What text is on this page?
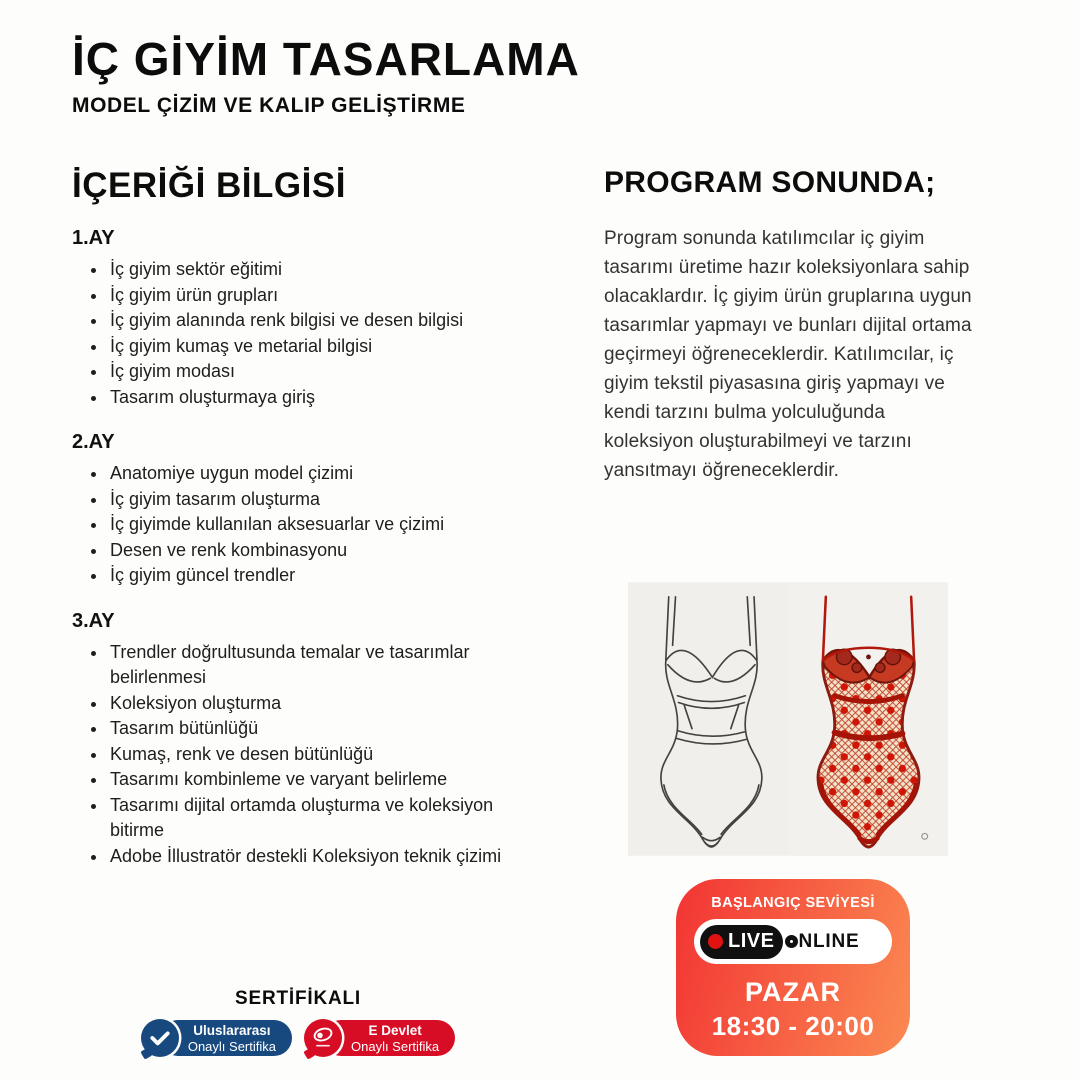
İÇ GİYİM TASARLAMA
MODEL ÇİZİM VE KALIP GELİŞTİRME
İÇERİĞİ BİLGİSİ
1.AY
• İç giyim sektör eğitimi
• İç giyim ürün grupları
• İç giyim alanında renk bilgisi ve desen bilgisi
• İç giyim kumaş ve metarial bilgisi
• İç giyim modası
• Tasarım oluşturmaya giriş
2.AY
• Anatomiye uygun model çizimi
• İç giyim tasarım oluşturma
• İç giyimde kullanılan aksesuarlar ve çizimi
• Desen ve renk kombinasyonu
• İç giyim güncel trendler
3.AY
• Trendler doğrultusunda temalar ve tasarımlar belirlenmesi
• Koleksiyon oluşturma
• Tasarım bütünlüğü
• Kumaş, renk ve desen bütünlüğü
• Tasarımı kombinleme ve varyant belirleme
• Tasarımı dijital ortamda oluşturma ve koleksiyon bitirme
• Adobe İllustratör destekli Koleksiyon teknik çizimi
PROGRAM SONUNDA;
Program sonunda katılımcılar iç giyim tasarımı üretime hazır koleksiyonlara sahip olacaklardır. İç giyim ürün gruplarına uygun tasarımlar yapmayı ve bunları dijital ortama geçirmeyi öğreneceklerdir. Katılımcılar, iç giyim tekstil piyasasına giriş yapmayı ve kendi tarzını bulma yolculuğunda koleksiyon oluşturabilmeyi ve tarzını yansıtmayı öğreneceklerdir.
BAŞLANGIÇ SEVİYESİ
LIVE NLINE
PAZAR
18:30 - 20:00
SERTİFİKALI
Uluslararası
Onaylı Sertifika
E Devlet
Onaylı Sertifika
